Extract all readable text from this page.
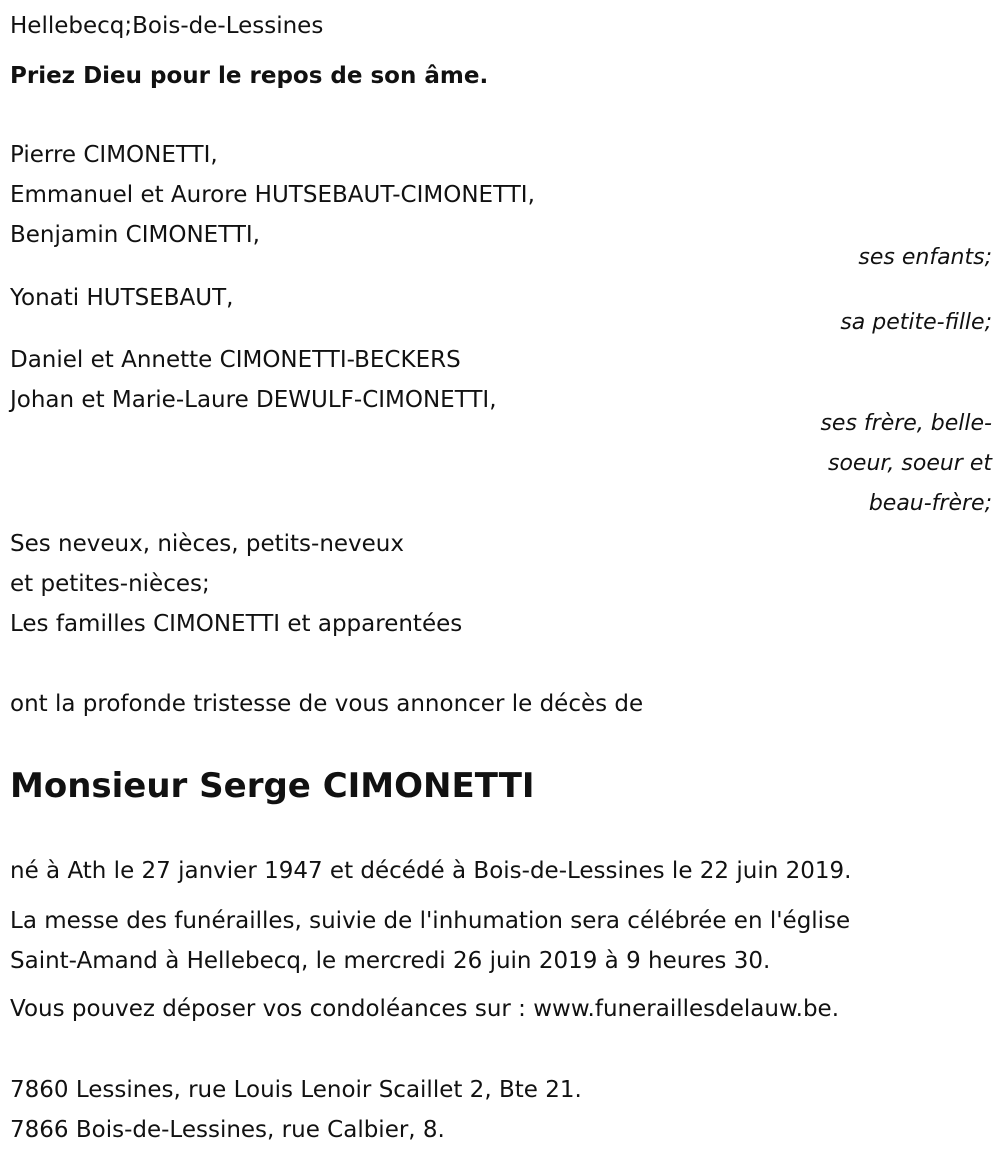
Hellebecq;Bois-de-Lessines
Priez Dieu pour le repos de son âme.
Pierre CIMONETTI,
Emmanuel et Aurore HUTSEBAUT-CIMONETTI,
Benjamin CIMONETTI,
ses enfants;
Yonati HUTSEBAUT,
sa petite-fille;
Daniel et Annette CIMONETTI-BECKERS
Johan et Marie-Laure DEWULF-CIMONETTI,
ses frère, belle-
soeur, soeur et
beau-frère;
Ses neveux, nièces, petits-neveux
et petites-nièces;
Les familles CIMONETTI et apparentées
ont la profonde tristesse de vous annoncer le décès de
Monsieur Serge CIMONETTI
né à Ath le 27 janvier 1947 et décédé à Bois-de-Lessines le 22 juin 2019.
La messe des funérailles, suivie de l'inhumation sera célébrée en l'église
Saint-Amand à Hellebecq, le mercredi 26 juin 2019 à 9 heures 30.
Vous pouvez déposer vos condoléances sur : www.funeraillesdelauw.be.
7860 Lessines, rue Louis Lenoir Scaillet 2, Bte 21.
7866 Bois-de-Lessines, rue Calbier, 8.
